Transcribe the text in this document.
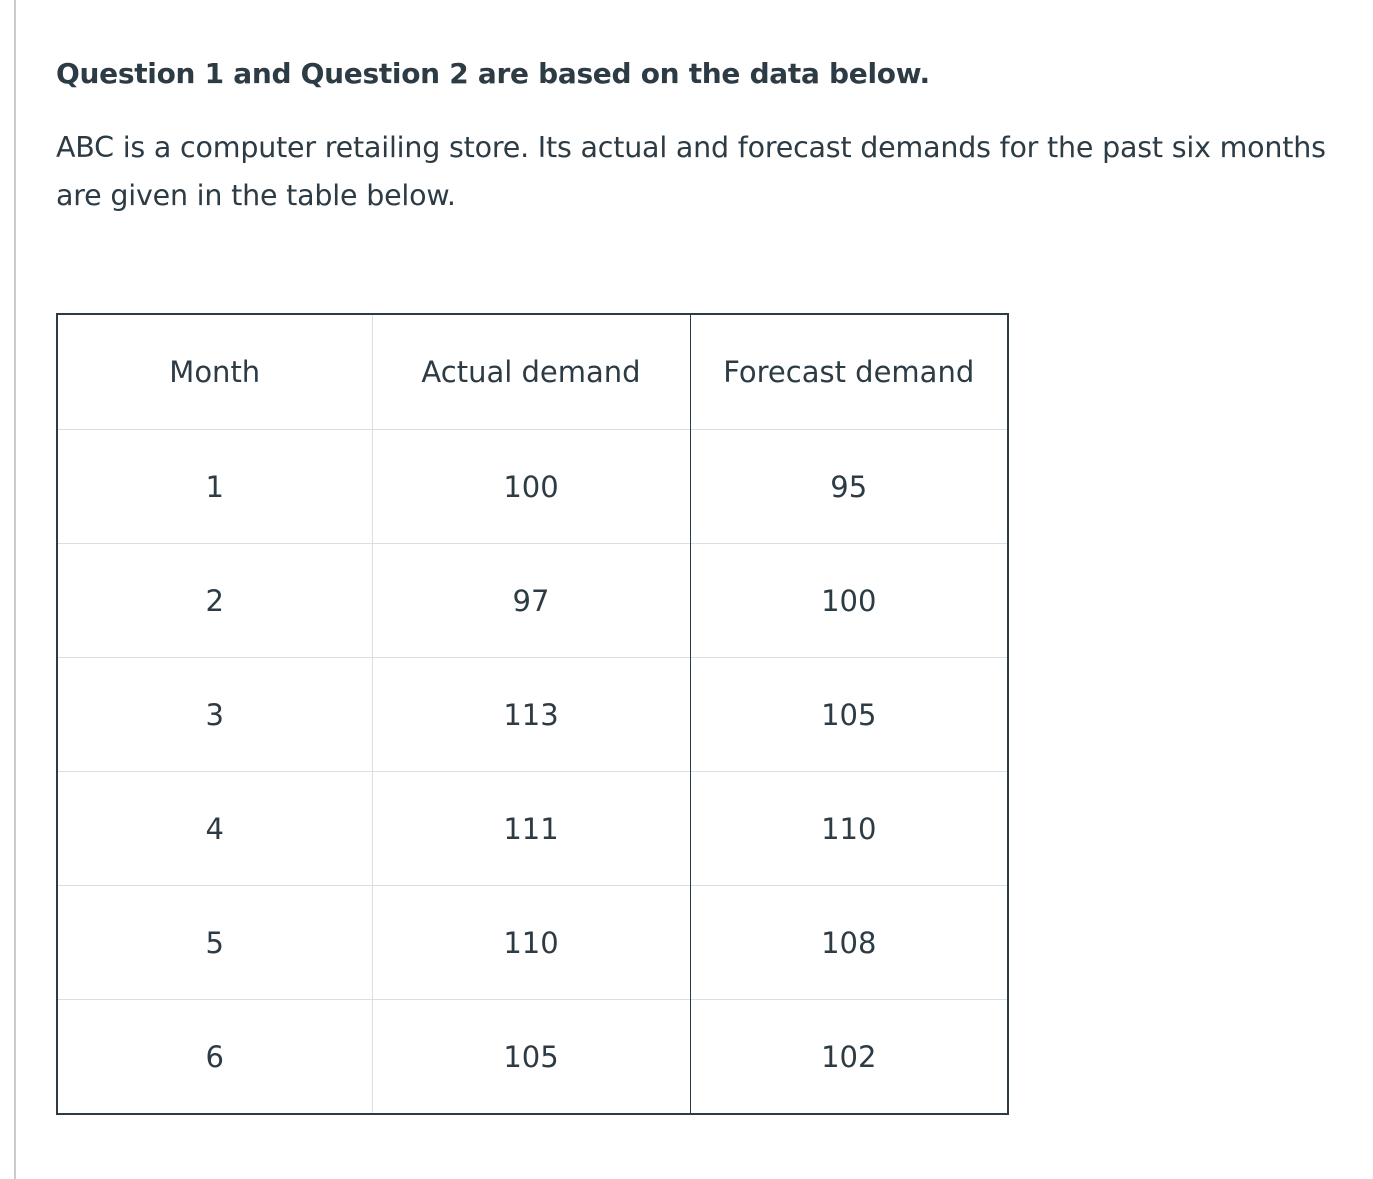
Question 1 and Question 2 are based on the data below.

ABC is a computer retailing store. Its actual and forecast demands for the past six months are given in the table below.

Month	Actual demand	Forecast demand
1	100	95
2	97	100
3	113	105
4	111	110
5	110	108
6	105	102
